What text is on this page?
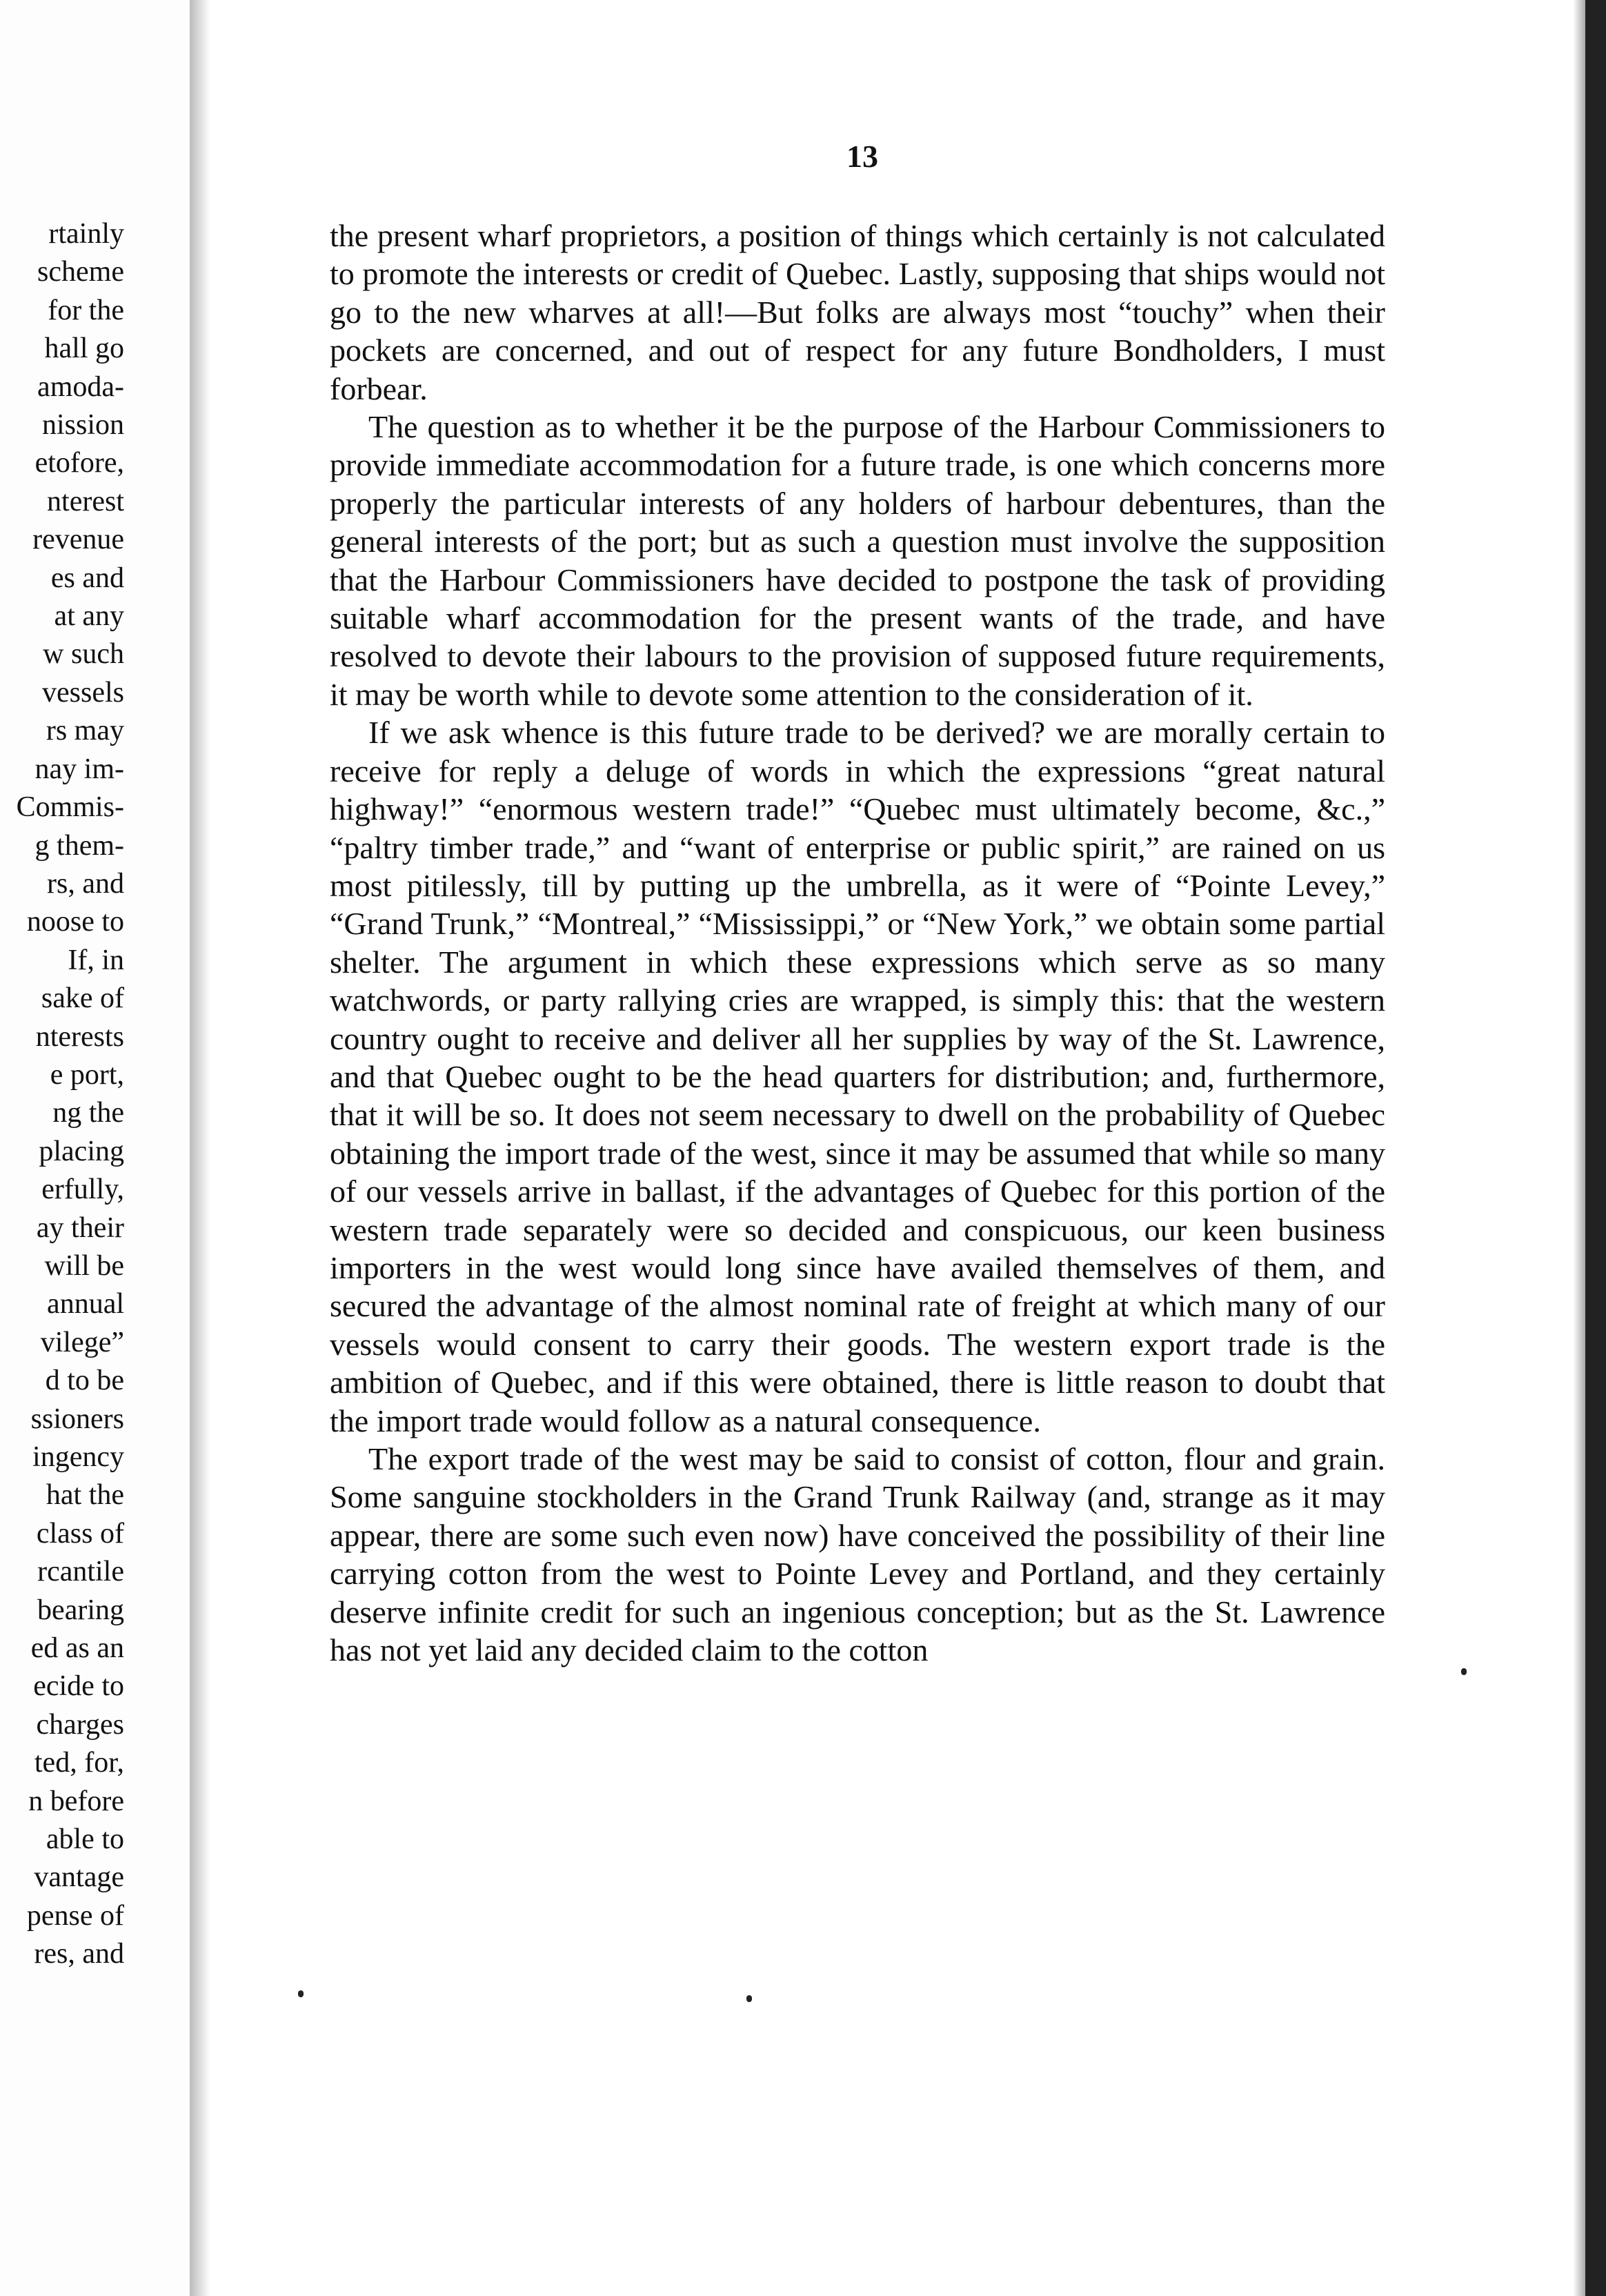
rtainly
scheme
for the
hall go
amoda-
nission
etofore,
nterest
revenue
es and
at any
w such
vessels
rs may
nay im-
Commis-
g them-
rs, and
noose to
If, in
sake of
nterests
e port,
ng the
placing
erfully,
ay their
will be
annual
vilege”
d to be
ssioners
ingency
hat the
class of
rcantile
bearing
ed as an
ecide to
charges
ted, for,
n before
able to
vantage
pense of
res, and
13

the present wharf proprietors, a position of things which certainly is not calculated to promote the interests or credit of Quebec. Lastly, supposing that ships would not go to the new wharves at all!—But folks are always most “touchy” when their pockets are concerned, and out of respect for any future Bondholders, I must forbear.

The question as to whether it be the purpose of the Harbour Commissioners to provide immediate accommodation for a future trade, is one which concerns more properly the particular interests of any holders of harbour debentures, than the general interests of the port; but as such a question must involve the supposition that the Harbour Commissioners have decided to postpone the task of providing suitable wharf accommodation for the present wants of the trade, and have resolved to devote their labours to the provision of supposed future requirements, it may be worth while to devote some attention to the consideration of it.

If we ask whence is this future trade to be derived? we are morally certain to receive for reply a deluge of words in which the expressions “great natural highway!” “enormous western trade!” “Quebec must ultimately become, &c.,” “paltry timber trade,” and “want of enterprise or public spirit,” are rained on us most pitilessly, till by putting up the umbrella, as it were of “Pointe Levey,” “Grand Trunk,” “Montreal,” “Mississippi,” or “New York,” we obtain some partial shelter. The argument in which these expressions which serve as so many watchwords, or party rallying cries are wrapped, is simply this: that the western country ought to receive and deliver all her supplies by way of the St. Lawrence, and that Quebec ought to be the head quarters for distribution; and, furthermore, that it will be so. It does not seem necessary to dwell on the probability of Quebec obtaining the import trade of the west, since it may be assumed that while so many of our vessels arrive in ballast, if the advantages of Quebec for this portion of the western trade separately were so decided and conspicuous, our keen business importers in the west would long since have availed themselves of them, and secured the advantage of the almost nominal rate of freight at which many of our vessels would consent to carry their goods. The western export trade is the ambition of Quebec, and if this were obtained, there is little reason to doubt that the import trade would follow as a natural consequence.

The export trade of the west may be said to consist of cotton, flour and grain. Some sanguine stockholders in the Grand Trunk Railway (and, strange as it may appear, there are some such even now) have conceived the possibility of their line carrying cotton from the west to Pointe Levey and Portland, and they certainly deserve infinite credit for such an ingenious conception; but as the St. Lawrence has not yet laid any decided claim to the cotton
